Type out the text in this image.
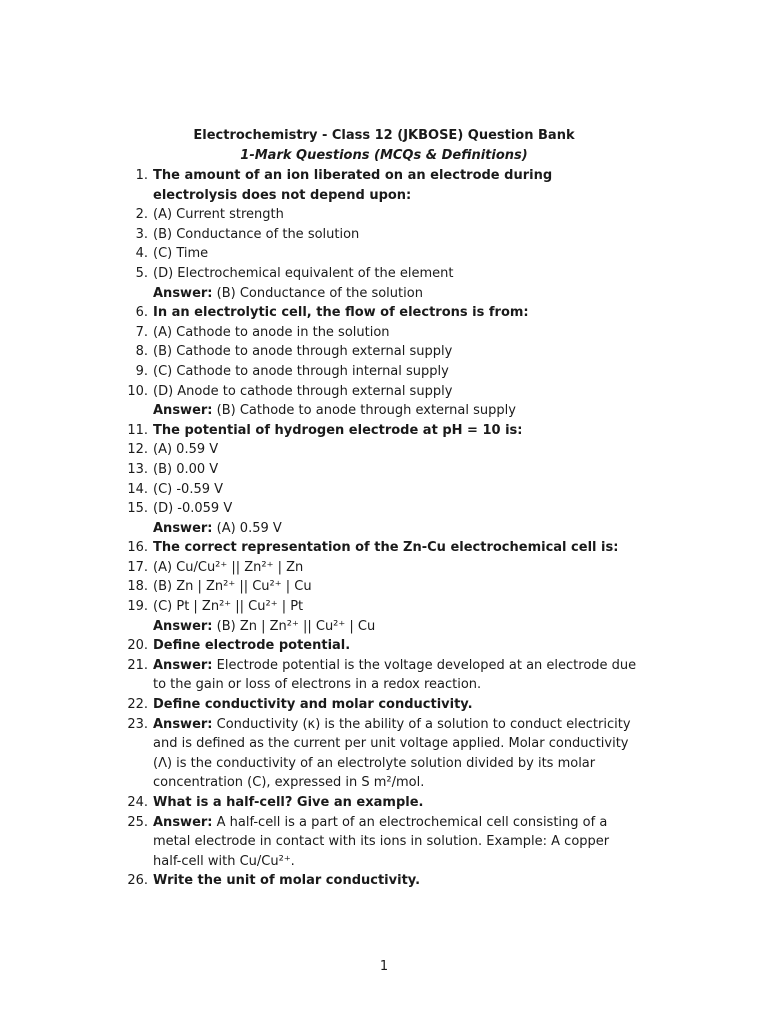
Electrochemistry - Class 12 (JKBOSE) Question Bank
1-Mark Questions (MCQs & Definitions)
1. The amount of an ion liberated on an electrode during electrolysis does not depend upon:
2. (A) Current strength
3. (B) Conductance of the solution
4. (C) Time
5. (D) Electrochemical equivalent of the element
Answer: (B) Conductance of the solution
6. In an electrolytic cell, the flow of electrons is from:
7. (A) Cathode to anode in the solution
8. (B) Cathode to anode through external supply
9. (C) Cathode to anode through internal supply
10. (D) Anode to cathode through external supply
Answer: (B) Cathode to anode through external supply
11. The potential of hydrogen electrode at pH = 10 is:
12. (A) 0.59 V
13. (B) 0.00 V
14. (C) -0.59 V
15. (D) -0.059 V
Answer: (A) 0.59 V
16. The correct representation of the Zn-Cu electrochemical cell is:
17. (A) Cu/Cu²⁺ || Zn²⁺ | Zn
18. (B) Zn | Zn²⁺ || Cu²⁺ | Cu
19. (C) Pt | Zn²⁺ || Cu²⁺ | Pt
Answer: (B) Zn | Zn²⁺ || Cu²⁺ | Cu
20. Define electrode potential.
21. Answer: Electrode potential is the voltage developed at an electrode due to the gain or loss of electrons in a redox reaction.
22. Define conductivity and molar conductivity.
23. Answer: Conductivity (κ) is the ability of a solution to conduct electricity and is defined as the current per unit voltage applied. Molar conductivity (Λ) is the conductivity of an electrolyte solution divided by its molar concentration (C), expressed in S m²/mol.
24. What is a half-cell? Give an example.
25. Answer: A half-cell is a part of an electrochemical cell consisting of a metal electrode in contact with its ions in solution. Example: A copper half-cell with Cu/Cu²⁺.
26. Write the unit of molar conductivity.
1
